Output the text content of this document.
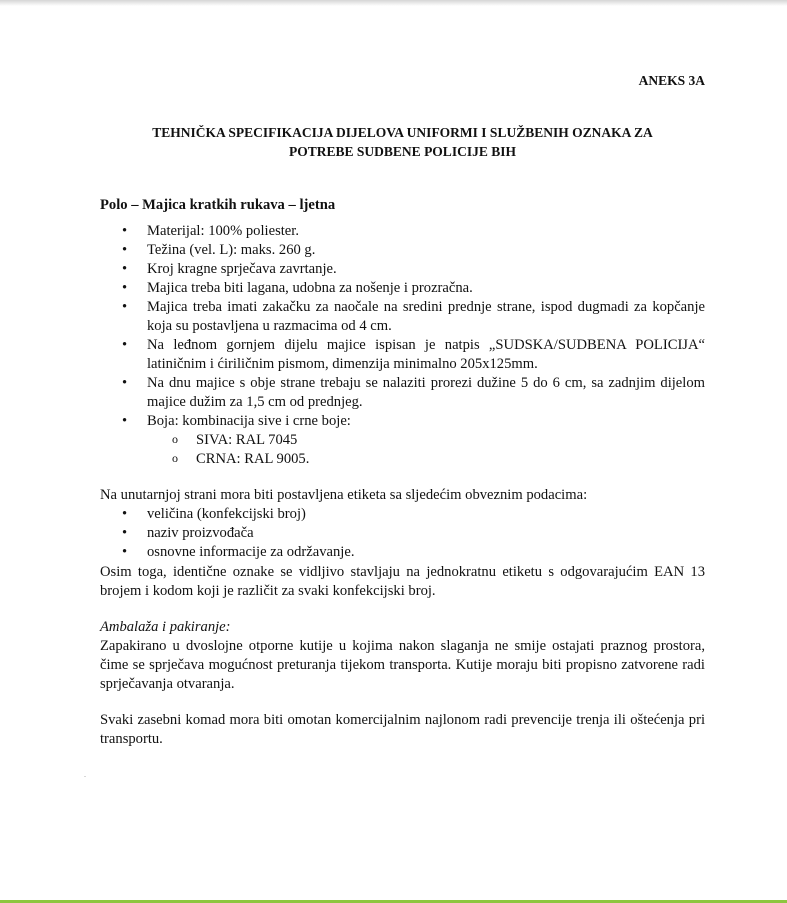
ANEKS 3A
TEHNIČKA SPECIFIKACIJA DIJELOVA UNIFORMI I SLUŽBENIH OZNAKA ZA
POTREBE SUDBENE POLICIJE BIH
Polo – Majica kratkih rukava – ljetna
• Materijal: 100% poliester.
• Težina (vel. L): maks. 260 g.
• Kroj kragne sprječava zavrtanje.
• Majica treba biti lagana, udobna za nošenje i prozračna.
• Majica treba imati zakačku za naočale na sredini prednje strane, ispod dugmadi za kopčanje koja su postavljena u razmacima od 4 cm.
• Na leđnom gornjem dijelu majice ispisan je natpis „SUDSKA/SUDBENA POLICIJA“ latiničnim i ćiriličnim pismom, dimenzija minimalno 205x125mm.
• Na dnu majice s obje strane trebaju se nalaziti prorezi dužine 5 do 6 cm, sa zadnjim dijelom majice dužim za 1,5 cm od prednjeg.
• Boja: kombinacija sive i crne boje:
o SIVA: RAL 7045
o CRNA: RAL 9005.

Na unutarnjoj strani mora biti postavljena etiketa sa sljedećim obveznim podacima:

• veličina (konfekcijski broj)
• naziv proizvođača
• osnovne informacije za održavanje.

Osim toga, identične oznake se vidljivo stavljaju na jednokratnu etiketu s odgovarajućim EAN 13 brojem i kodom koji je različit za svaki konfekcijski broj.

Ambalaža i pakiranje:

Zapakirano u dvoslojne otporne kutije u kojima nakon slaganja ne smije ostajati praznog prostora, čime se sprječava mogućnost preturanja tijekom transporta. Kutije moraju biti propisno zatvorene radi sprječavanja otvaranja.

Svaki zasebni komad mora biti omotan komercijalnim najlonom radi prevencije trenja ili oštećenja pri transportu.

.
